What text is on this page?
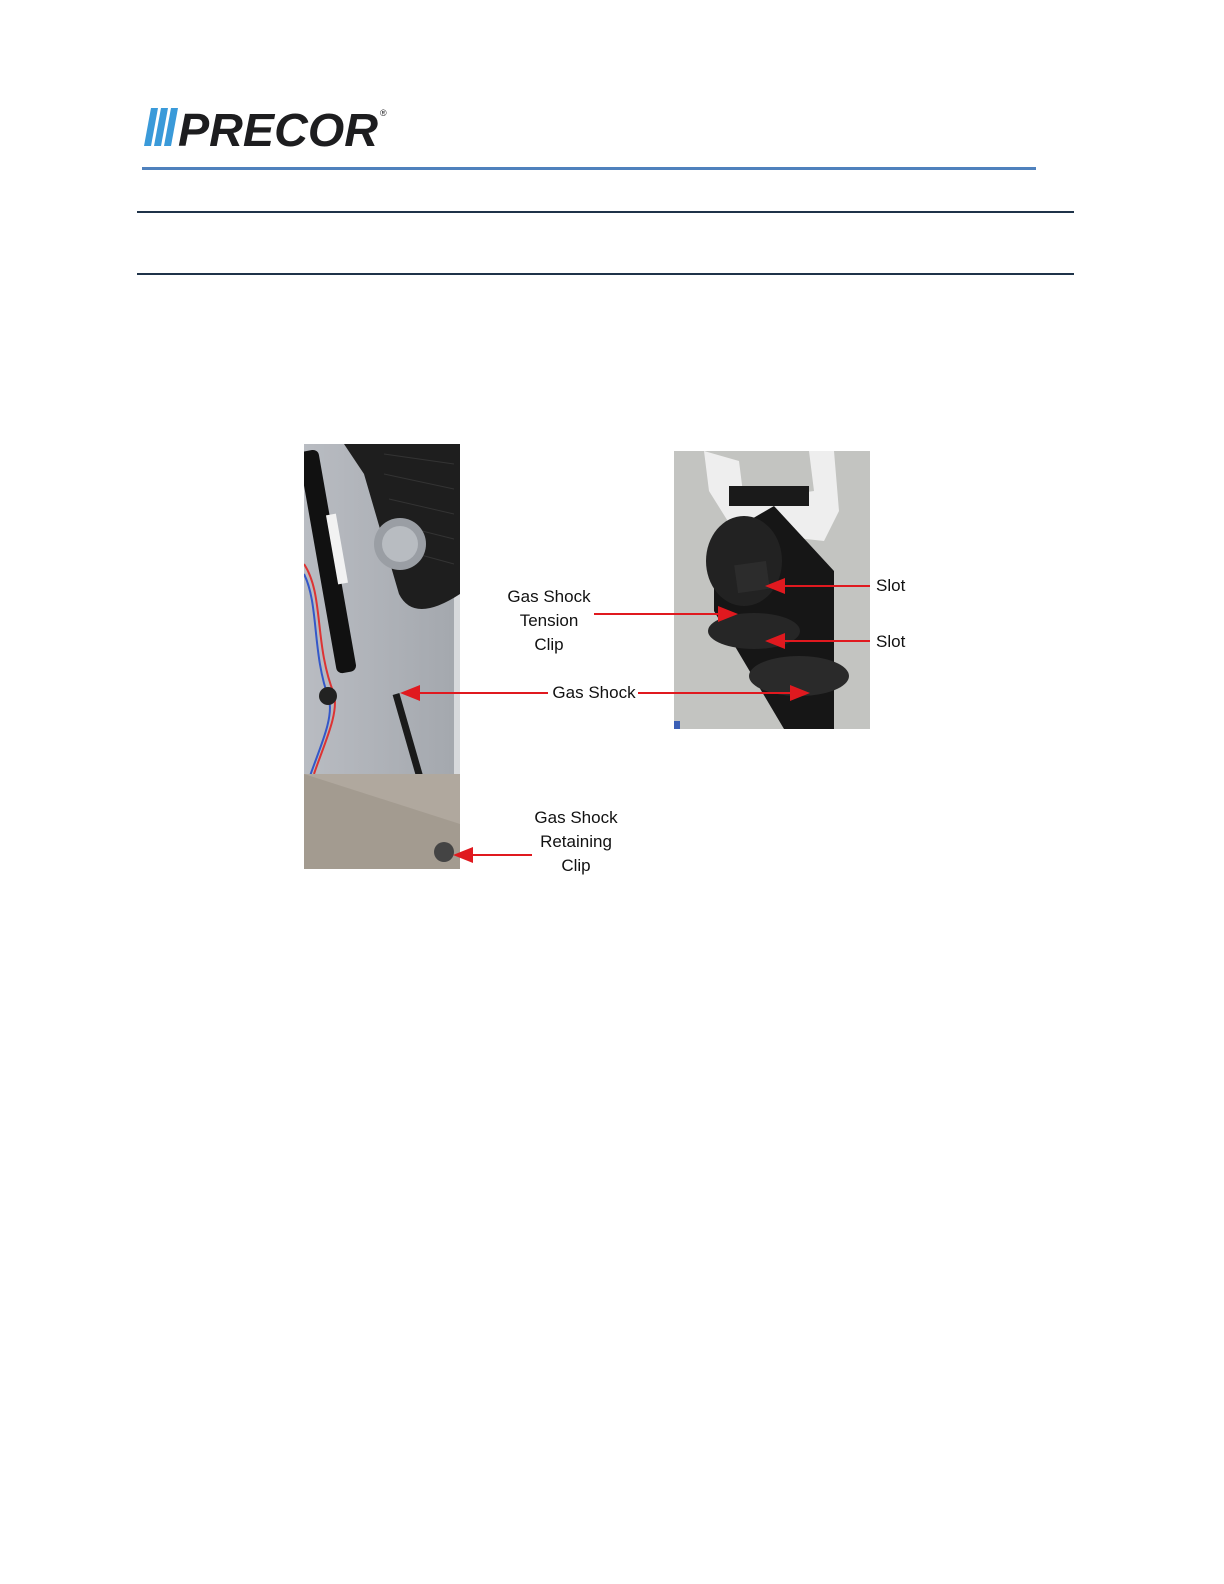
PRECOR ®
Gas Shock
Tension
Clip
Gas Shock
Gas Shock
Retaining
Clip
Slot
Slot
